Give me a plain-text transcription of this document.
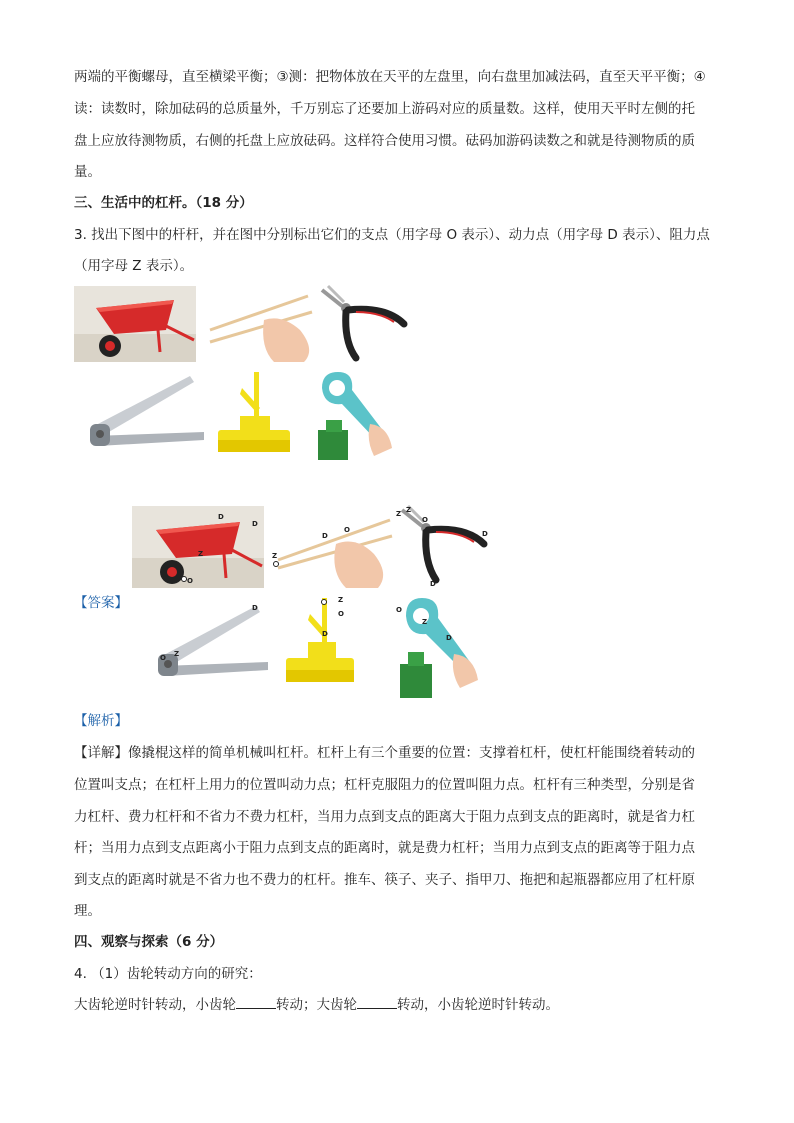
两端的平衡螺母，直至横梁平衡；③测：把物体放在天平的左盘里，向右盘里加减法码，直至天平平衡；④
读：读数时，除加砝码的总质量外，千万别忘了还要加上游码对应的质量数。这样，使用天平时左侧的托
盘上应放待测物质，右侧的托盘上应放砝码。这样符合使用习惯。砝码加游码读数之和就是待测物质的质
量。
三、生活中的杠杆。（18 分）
3. 找出下图中的杆杆，并在图中分别标出它们的支点（用字母 O 表示）、动力点（用字母 D 表示）、阻力点
（用字母 Z 表示）。
【答案】
O
Z
D
D
Z
D
O
Z Z
O
D
D
D
O Z
Z
O
D
O
Z
D
【解析】
【详解】像撬棍这样的简单机械叫杠杆。杠杆上有三个重要的位置：支撑着杠杆，使杠杆能围绕着转动的
位置叫支点；在杠杆上用力的位置叫动力点；杠杆克服阻力的位置叫阻力点。杠杆有三种类型，分别是省
力杠杆、费力杠杆和不省力不费力杠杆，当用力点到支点的距离大于阻力点到支点的距离时，就是省力杠
杆；当用力点到支点距离小于阻力点到支点的距离时，就是费力杠杆；当用力点到支点的距离等于阻力点
到支点的距离时就是不省力也不费力的杠杆。推车、筷子、夹子、指甲刀、拖把和起瓶器都应用了杠杆原
理。
四、观察与探索（6 分）
4. （1）齿轮转动方向的研究：
大齿轮逆时针转动，小齿轮	转动；大齿轮	转动，小齿轮逆时针转动。
